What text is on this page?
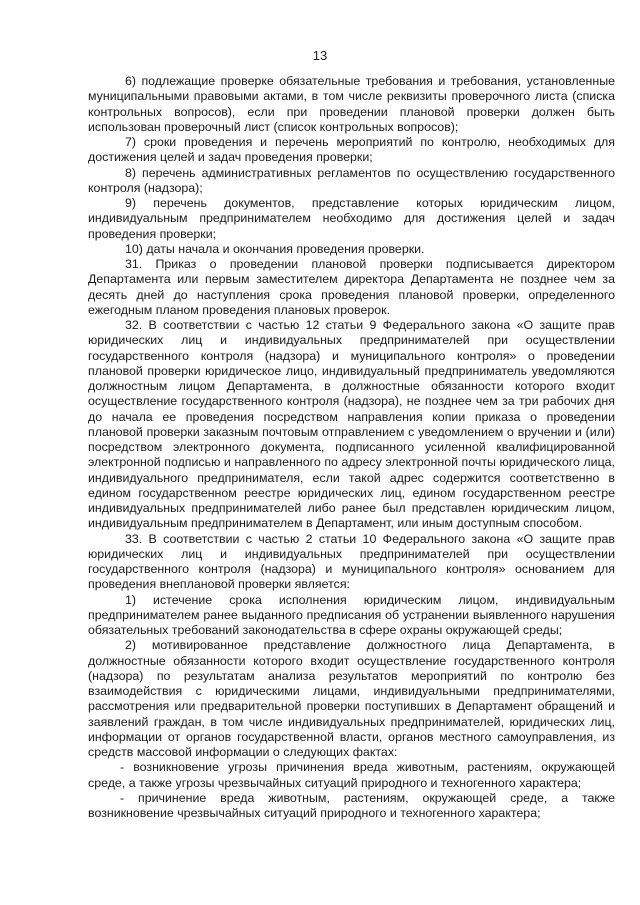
13

6) подлежащие проверке обязательные требования и требования, установленные муниципальными правовыми актами, в том числе реквизиты проверочного листа (списка контрольных вопросов), если при проведении плановой проверки должен быть использован проверочный лист (список контрольных вопросов);

7) сроки проведения и перечень мероприятий по контролю, необходимых для достижения целей и задач проведения проверки;

8) перечень административных регламентов по осуществлению государственного контроля (надзора);

9) перечень документов, представление которых юридическим лицом, индивидуальным предпринимателем необходимо для достижения целей и задач проведения проверки;

10) даты начала и окончания проведения проверки.

31. Приказ о проведении плановой проверки подписывается директором Департамента или первым заместителем директора Департамента не позднее чем за десять дней до наступления срока проведения плановой проверки, определенного ежегодным планом проведения плановых проверок.

32. В соответствии с частью 12 статьи 9 Федерального закона «О защите прав юридических лиц и индивидуальных предпринимателей при осуществлении государственного контроля (надзора) и муниципального контроля» о проведении плановой проверки юридическое лицо, индивидуальный предприниматель уведомляются должностным лицом Департамента, в должностные обязанности которого входит осуществление государственного контроля (надзора), не позднее чем за три рабочих дня до начала ее проведения посредством направления копии приказа о проведении плановой проверки заказным почтовым отправлением с уведомлением о вручении и (или) посредством электронного документа, подписанного усиленной квалифицированной электронной подписью и направленного по адресу электронной почты юридического лица, индивидуального предпринимателя, если такой адрес содержится соответственно в едином государственном реестре юридических лиц, едином государственном реестре индивидуальных предпринимателей либо ранее был представлен юридическим лицом, индивидуальным предпринимателем в Департамент, или иным доступным способом.

33. В соответствии с частью 2 статьи 10 Федерального закона «О защите прав юридических лиц и индивидуальных предпринимателей при осуществлении государственного контроля (надзора) и муниципального контроля» основанием для проведения внеплановой проверки является:

1) истечение срока исполнения юридическим лицом, индивидуальным предпринимателем ранее выданного предписания об устранении выявленного нарушения обязательных требований законодательства в сфере охраны окружающей среды;

2) мотивированное представление должностного лица Департамента, в должностные обязанности которого входит осуществление государственного контроля (надзора) по результатам анализа результатов мероприятий по контролю без взаимодействия с юридическими лицами, индивидуальными предпринимателями, рассмотрения или предварительной проверки поступивших в Департамент обращений и заявлений граждан, в том числе индивидуальных предпринимателей, юридических лиц, информации от органов государственной власти, органов местного самоуправления, из средств массовой информации о следующих фактах:

- возникновение угрозы причинения вреда животным, растениям, окружающей среде, а также угрозы чрезвычайных ситуаций природного и техногенного характера;

- причинение вреда животным, растениям, окружающей среде, а также возникновение чрезвычайных ситуаций природного и техногенного характера;
